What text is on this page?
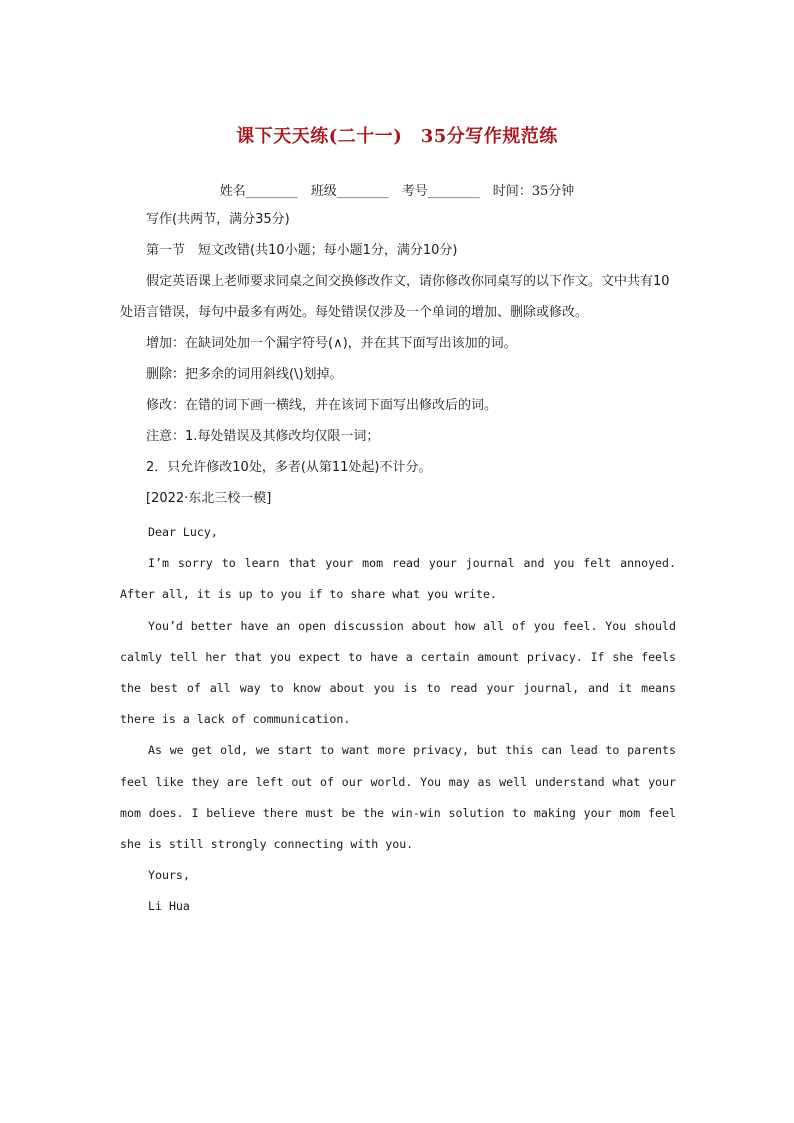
课下天天练(二十一)　35分写作规范练
姓名________　班级________　考号________　时间：35分钟

写作(共两节，满分35分)

第一节　短文改错(共10小题；每小题1分，满分10分)

假定英语课上老师要求同桌之间交换修改作文，请你修改你同桌写的以下作文。文中共有10处语言错误，每句中最多有两处。每处错误仅涉及一个单词的增加、删除或修改。

增加：在缺词处加一个漏字符号(∧)，并在其下面写出该加的词。

删除：把多余的词用斜线(\)划掉。

修改：在错的词下画一横线，并在该词下面写出修改后的词。

注意：1.每处错误及其修改均仅限一词；

2．只允许修改10处，多者(从第11处起)不计分。

[2022·东北三校一模]

Dear Lucy,

I’m sorry to learn that your mom read your journal and you felt annoyed. After all, it is up to you if to share what you write.

You’d better have an open discussion about how all of you feel. You should calmly tell her that you expect to have a certain amount privacy. If she feels the best of all way to know about you is to read your journal, and it means there is a lack of communication.

As we get old, we start to want more privacy, but this can lead to parents feel like they are left out of our world. You may as well understand what your mom does. I believe there must be the win-win solution to making your mom feel she is still strongly connecting with you.

Yours,

Li Hua
